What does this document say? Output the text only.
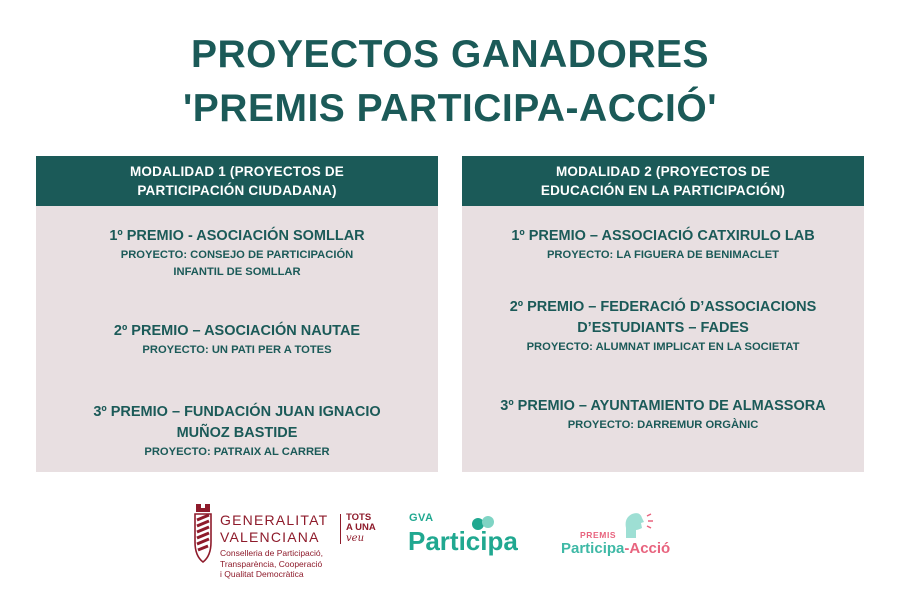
PROYECTOS GANADORES
'PREMIS PARTICIPA-ACCIÓ'
MODALIDAD 1 (PROYECTOS DE
PARTICIPACIÓN CIUDADANA)
1º PREMIO - ASOCIACIÓN SOMLLAR
PROYECTO: CONSEJO DE PARTICIPACIÓN
INFANTIL DE SOMLLAR
2º PREMIO – ASOCIACIÓN NAUTAE
PROYECTO: UN PATI PER A TOTES
3º PREMIO – FUNDACIÓN JUAN IGNACIO
MUÑOZ BASTIDE
PROYECTO: PATRAIX AL CARRER
MODALIDAD 2 (PROYECTOS DE
EDUCACIÓN EN LA PARTICIPACIÓN)
1º PREMIO – ASSOCIACIÓ CATXIRULO LAB
PROYECTO: LA FIGUERA DE BENIMACLET
2º PREMIO – FEDERACIÓ D’ASSOCIACIONS
D’ESTUDIANTS – FADES
PROYECTO: ALUMNAT IMPLICAT EN LA SOCIETAT
3º PREMIO – AYUNTAMIENTO DE ALMASSORA
PROYECTO: DARREMUR ORGÀNIC
GENERALITAT
VALENCIANA
Conselleria de Participació,
Transparència, Cooperació
i Qualitat Democràtica
TOTS
A UNA
veu
GVA
Participa	PREMIS
Participa-Acció
